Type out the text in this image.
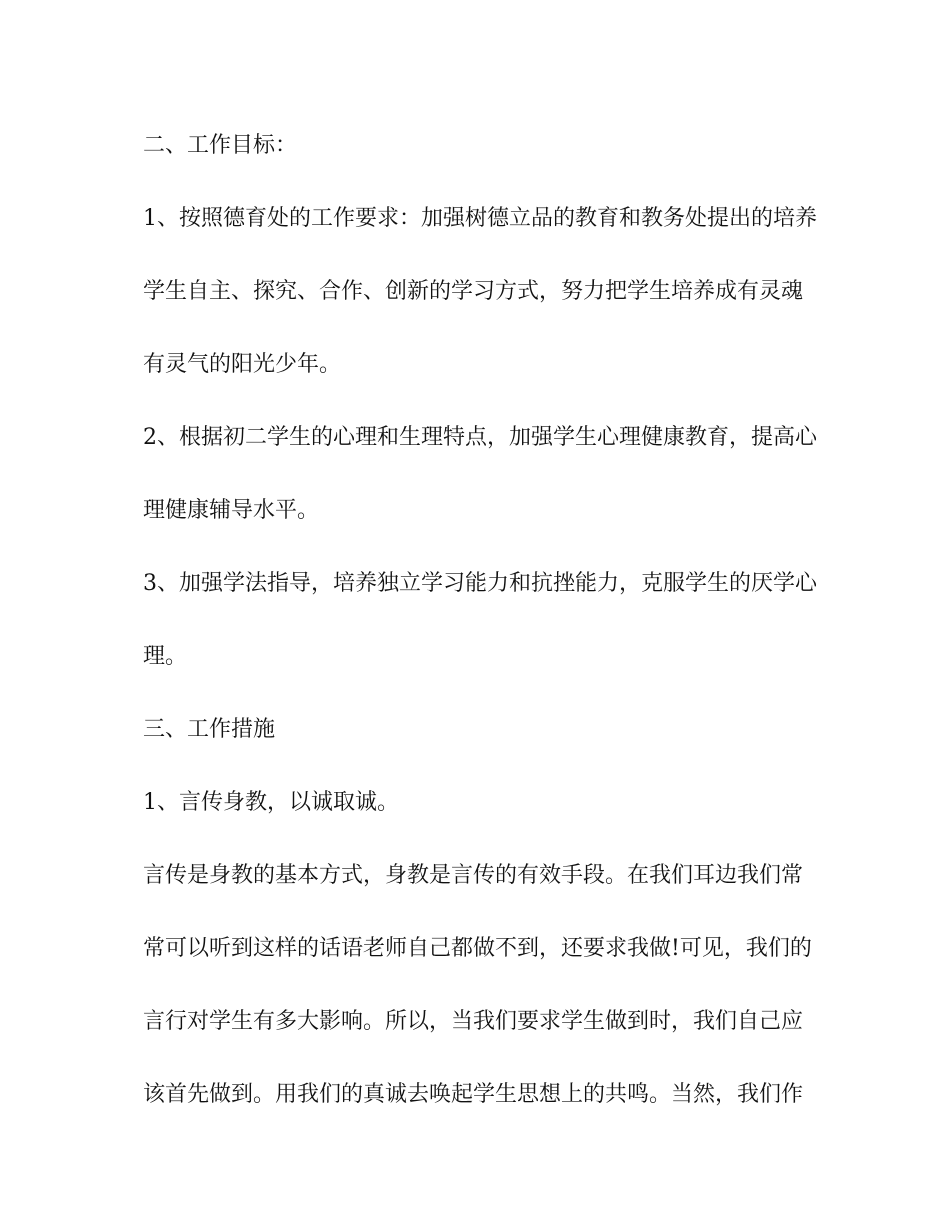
二、工作目标：
1、按照德育处的工作要求：加强树德立品的教育和教务处提出的培养
学生自主、探究、合作、创新的学习方式，努力把学生培养成有灵魂
有灵气的阳光少年。
2、根据初二学生的心理和生理特点，加强学生心理健康教育，提高心
理健康辅导水平。
3、加强学法指导，培养独立学习能力和抗挫能力，克服学生的厌学心
理。
三、工作措施
1、言传身教，以诚取诚。
言传是身教的基本方式，身教是言传的有效手段。在我们耳边我们常
常可以听到这样的话语老师自己都做不到，还要求我做!可见，我们的
言行对学生有多大影响。所以，当我们要求学生做到时，我们自己应
该首先做到。用我们的真诚去唤起学生思想上的共鸣。当然，我们作
